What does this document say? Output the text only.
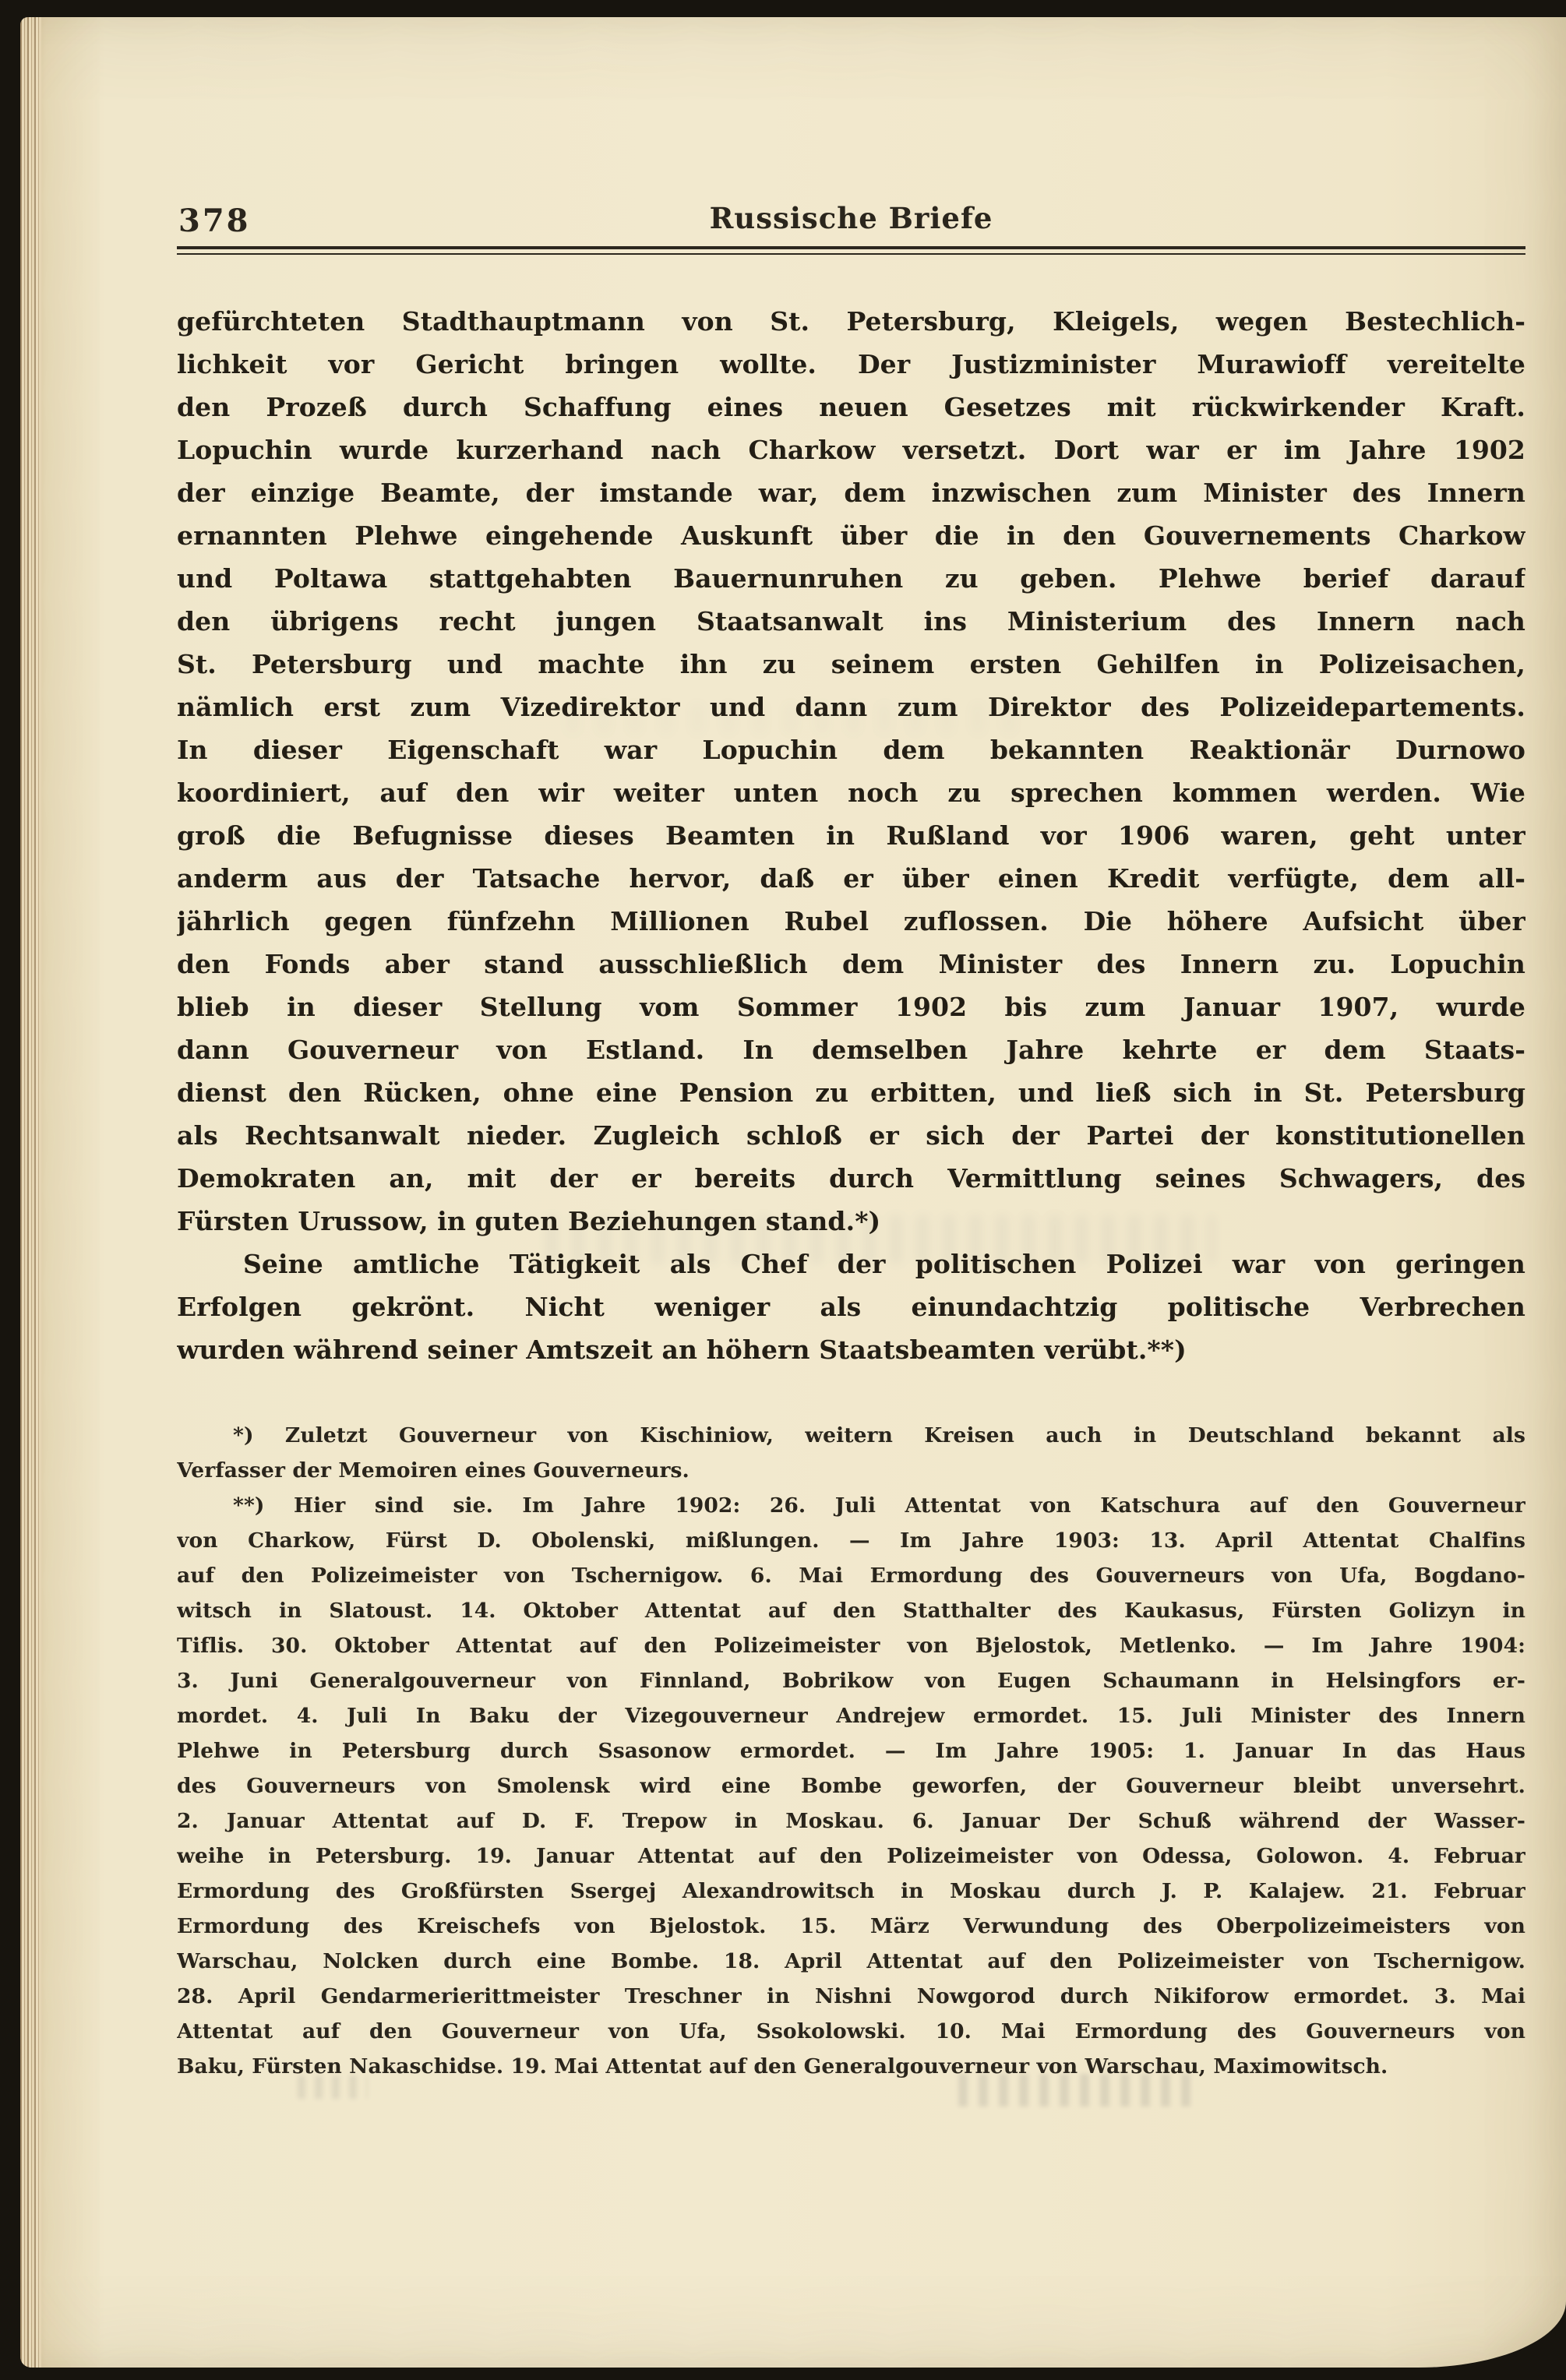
378	Russische Briefe
gefürchteten Stadthauptmann von St. Petersburg, Kleigels, wegen Bestechlich-
lichkeit vor Gericht bringen wollte. Der Justizminister Murawioff vereitelte
den Prozeß durch Schaffung eines neuen Gesetzes mit rückwirkender Kraft.
Lopuchin wurde kurzerhand nach Charkow versetzt. Dort war er im Jahre 1902
der einzige Beamte, der imstande war, dem inzwischen zum Minister des Innern
ernannten Plehwe eingehende Auskunft über die in den Gouvernements Charkow
und Poltawa stattgehabten Bauernunruhen zu geben. Plehwe berief darauf
den übrigens recht jungen Staatsanwalt ins Ministerium des Innern nach
St. Petersburg und machte ihn zu seinem ersten Gehilfen in Polizeisachen,
nämlich erst zum Vizedirektor und dann zum Direktor des Polizeidepartements.
In dieser Eigenschaft war Lopuchin dem bekannten Reaktionär Durnowo
koordiniert, auf den wir weiter unten noch zu sprechen kommen werden. Wie
groß die Befugnisse dieses Beamten in Rußland vor 1906 waren, geht unter
anderm aus der Tatsache hervor, daß er über einen Kredit verfügte, dem all-
jährlich gegen fünfzehn Millionen Rubel zuflossen. Die höhere Aufsicht über
den Fonds aber stand ausschließlich dem Minister des Innern zu. Lopuchin
blieb in dieser Stellung vom Sommer 1902 bis zum Januar 1907, wurde
dann Gouverneur von Estland. In demselben Jahre kehrte er dem Staats-
dienst den Rücken, ohne eine Pension zu erbitten, und ließ sich in St. Petersburg
als Rechtsanwalt nieder. Zugleich schloß er sich der Partei der konstitutionellen
Demokraten an, mit der er bereits durch Vermittlung seines Schwagers, des
Fürsten Urussow, in guten Beziehungen stand.*)
Seine amtliche Tätigkeit als Chef der politischen Polizei war von geringen
Erfolgen gekrönt. Nicht weniger als einundachtzig politische Verbrechen
wurden während seiner Amtszeit an höhern Staatsbeamten verübt.**)
*) Zuletzt Gouverneur von Kischiniow, weitern Kreisen auch in Deutschland bekannt als
Verfasser der Memoiren eines Gouverneurs.
**) Hier sind sie. Im Jahre 1902: 26. Juli Attentat von Katschura auf den Gouverneur
von Charkow, Fürst D. Obolenski, mißlungen. — Im Jahre 1903: 13. April Attentat Chalfins
auf den Polizeimeister von Tschernigow. 6. Mai Ermordung des Gouverneurs von Ufa, Bogdano-
witsch in Slatoust. 14. Oktober Attentat auf den Statthalter des Kaukasus, Fürsten Golizyn in
Tiflis. 30. Oktober Attentat auf den Polizeimeister von Bjelostok, Metlenko. — Im Jahre 1904:
3. Juni Generalgouverneur von Finnland, Bobrikow von Eugen Schaumann in Helsingfors er-
mordet. 4. Juli In Baku der Vizegouverneur Andrejew ermordet. 15. Juli Minister des Innern
Plehwe in Petersburg durch Ssasonow ermordet. — Im Jahre 1905: 1. Januar In das Haus
des Gouverneurs von Smolensk wird eine Bombe geworfen, der Gouverneur bleibt unversehrt.
2. Januar Attentat auf D. F. Trepow in Moskau. 6. Januar Der Schuß während der Wasser-
weihe in Petersburg. 19. Januar Attentat auf den Polizeimeister von Odessa, Golowon. 4. Februar
Ermordung des Großfürsten Ssergej Alexandrowitsch in Moskau durch J. P. Kalajew. 21. Februar
Ermordung des Kreischefs von Bjelostok. 15. März Verwundung des Oberpolizeimeisters von
Warschau, Nolcken durch eine Bombe. 18. April Attentat auf den Polizeimeister von Tschernigow.
28. April Gendarmerierittmeister Treschner in Nishni Nowgorod durch Nikiforow ermordet. 3. Mai
Attentat auf den Gouverneur von Ufa, Ssokolowski. 10. Mai Ermordung des Gouverneurs von
Baku, Fürsten Nakaschidse. 19. Mai Attentat auf den Generalgouverneur von Warschau, Maximowitsch.
